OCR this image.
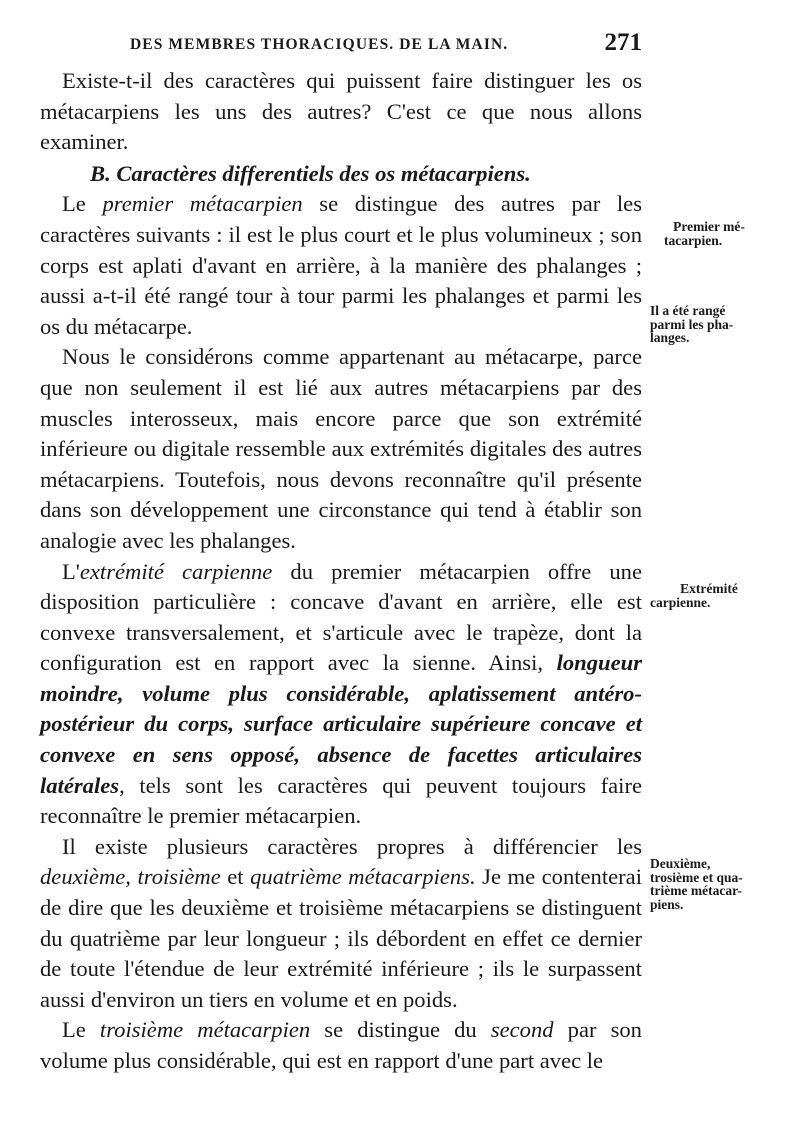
DES MEMBRES THORACIQUES. DE LA MAIN.	271

Existe-t-il des caractères qui puissent faire distinguer les os métacarpiens les uns des autres? C'est ce que nous allons examiner.

B. Caractères differentiels des os métacarpiens.

Le premier métacarpien se distingue des autres par les caractères suivants : il est le plus court et le plus volumineux ; son corps est aplati d'avant en arrière, à la manière des phalanges ; aussi a-t-il été rangé tour à tour parmi les phalanges et parmi les os du métacarpe.

Nous le considérons comme appartenant au métacarpe, parce que non seulement il est lié aux autres métacarpiens par des muscles interosseux, mais encore parce que son extrémité inférieure ou digitale ressemble aux extrémités digitales des autres métacarpiens. Toutefois, nous devons reconnaître qu'il présente dans son développement une circonstance qui tend à établir son analogie avec les phalanges.

L'extrémité carpienne du premier métacarpien offre une disposition particulière : concave d'avant en arrière, elle est convexe transversalement, et s'articule avec le trapèze, dont la configuration est en rapport avec la sienne. Ainsi, longueur moindre, volume plus considérable, aplatissement antéro-postérieur du corps, surface articulaire supérieure concave et convexe en sens opposé, absence de facettes articulaires latérales, tels sont les caractères qui peuvent toujours faire reconnaître le premier métacarpien.

Il existe plusieurs caractères propres à différencier les deuxième, troisième et quatrième métacarpiens. Je me contenterai de dire que les deuxième et troisième métacarpiens se distinguent du quatrième par leur longueur ; ils débordent en effet ce dernier de toute l'étendue de leur extrémité inférieure ; ils le surpassent aussi d'environ un tiers en volume et en poids.

Le troisième métacarpien se distingue du second par son volume plus considérable, qui est en rapport d'une part avec le

Premier mé-
tacarpien.
Il a été rangé
parmi les pha-
langes.
Extrémité
carpienne.
Deuxième,
trosième et qua-
trième métacar-
piens.
